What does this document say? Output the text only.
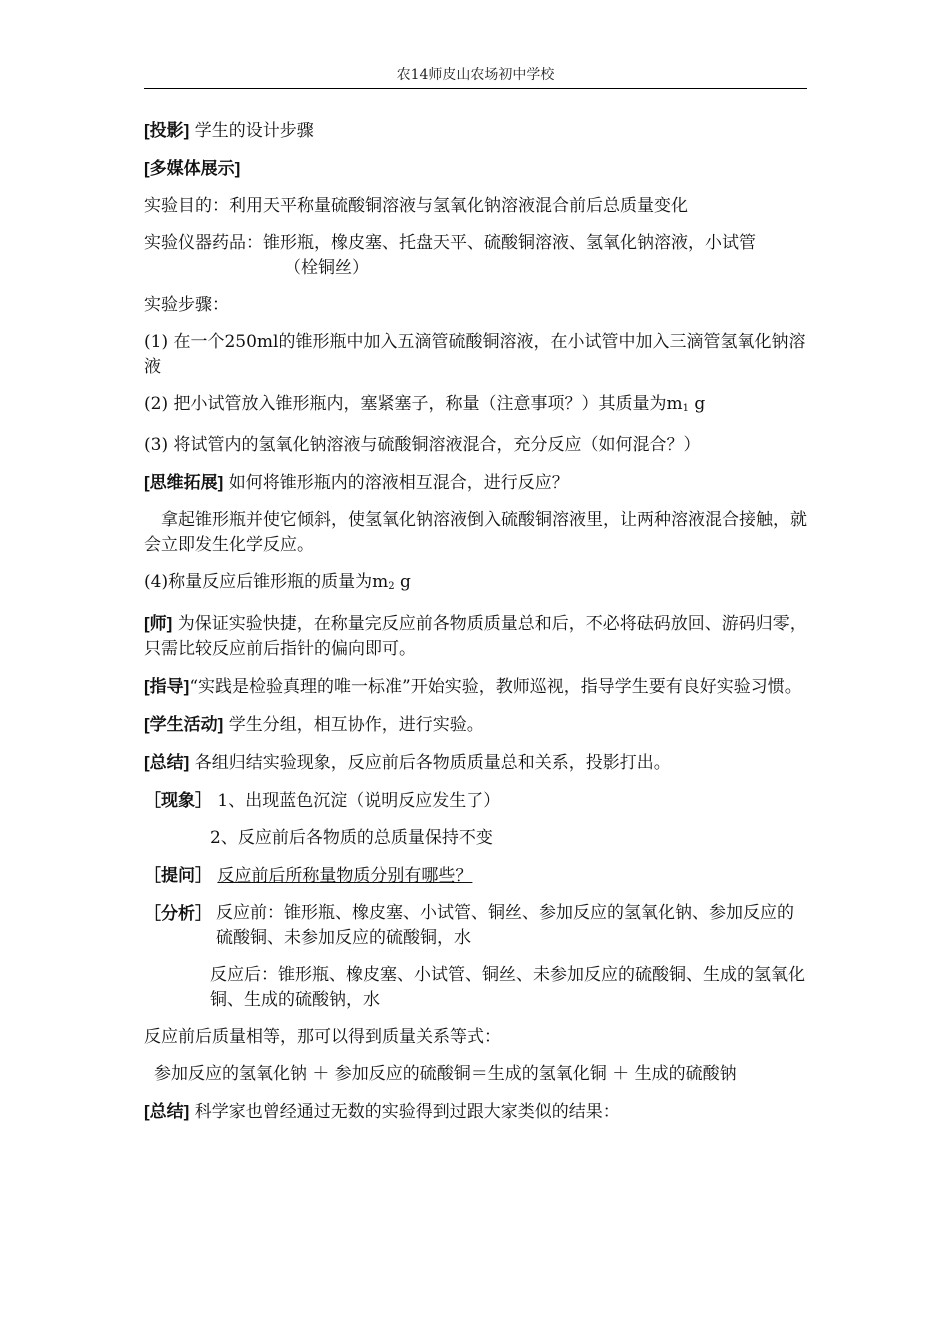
农14师皮山农场初中学校

[投影] 学生的设计步骤

[多媒体展示]

实验目的：利用天平称量硫酸铜溶液与氢氧化钠溶液混合前后总质量变化

实验仪器药品：锥形瓶，橡皮塞、托盘天平、硫酸铜溶液、氢氧化钠溶液，小试管
（栓铜丝）

实验步骤：

(1) 在一个250ml的锥形瓶中加入五滴管硫酸铜溶液，在小试管中加入三滴管氢氧化钠溶液

(2) 把小试管放入锥形瓶内，塞紧塞子，称量（注意事项？）其质量为$m_1$ g

(3) 将试管内的氢氧化钠溶液与硫酸铜溶液混合，充分反应（如何混合？）

[思维拓展] 如何将锥形瓶内的溶液相互混合，进行反应？

　拿起锥形瓶并使它倾斜，使氢氧化钠溶液倒入硫酸铜溶液里，让两种溶液混合接触，就会立即发生化学反应。

(4)称量反应后锥形瓶的质量为$m_2$ g

[师] 为保证实验快捷，在称量完反应前各物质质量总和后，不必将砝码放回、游码归零，只需比较反应前后指针的偏向即可。

[指导]“实践是检验真理的唯一标准”开始实验，教师巡视，指导学生要有良好实验习惯。

[学生活动] 学生分组，相互协作，进行实验。

[总结] 各组归结实验现象，反应前后各物质质量总和关系，投影打出。

［现象］ 1、出现蓝色沉淀（说明反应发生了）

2、反应前后各物质的总质量保持不变

［提问］ 反应前后所称量物质分别有哪些？

［分析］ 反应前：锥形瓶、橡皮塞、小试管、铜丝、参加反应的氢氧化钠、参加反应的硫酸铜、未参加反应的硫酸铜，水
反应后：锥形瓶、橡皮塞、小试管、铜丝、未参加反应的硫酸铜、生成的氢氧化铜、生成的硫酸钠，水

反应前后质量相等，那可以得到质量关系等式：

参加反应的氢氧化钠 ＋ 参加反应的硫酸铜＝生成的氢氧化铜 ＋ 生成的硫酸钠

[总结] 科学家也曾经通过无数的实验得到过跟大家类似的结果：
